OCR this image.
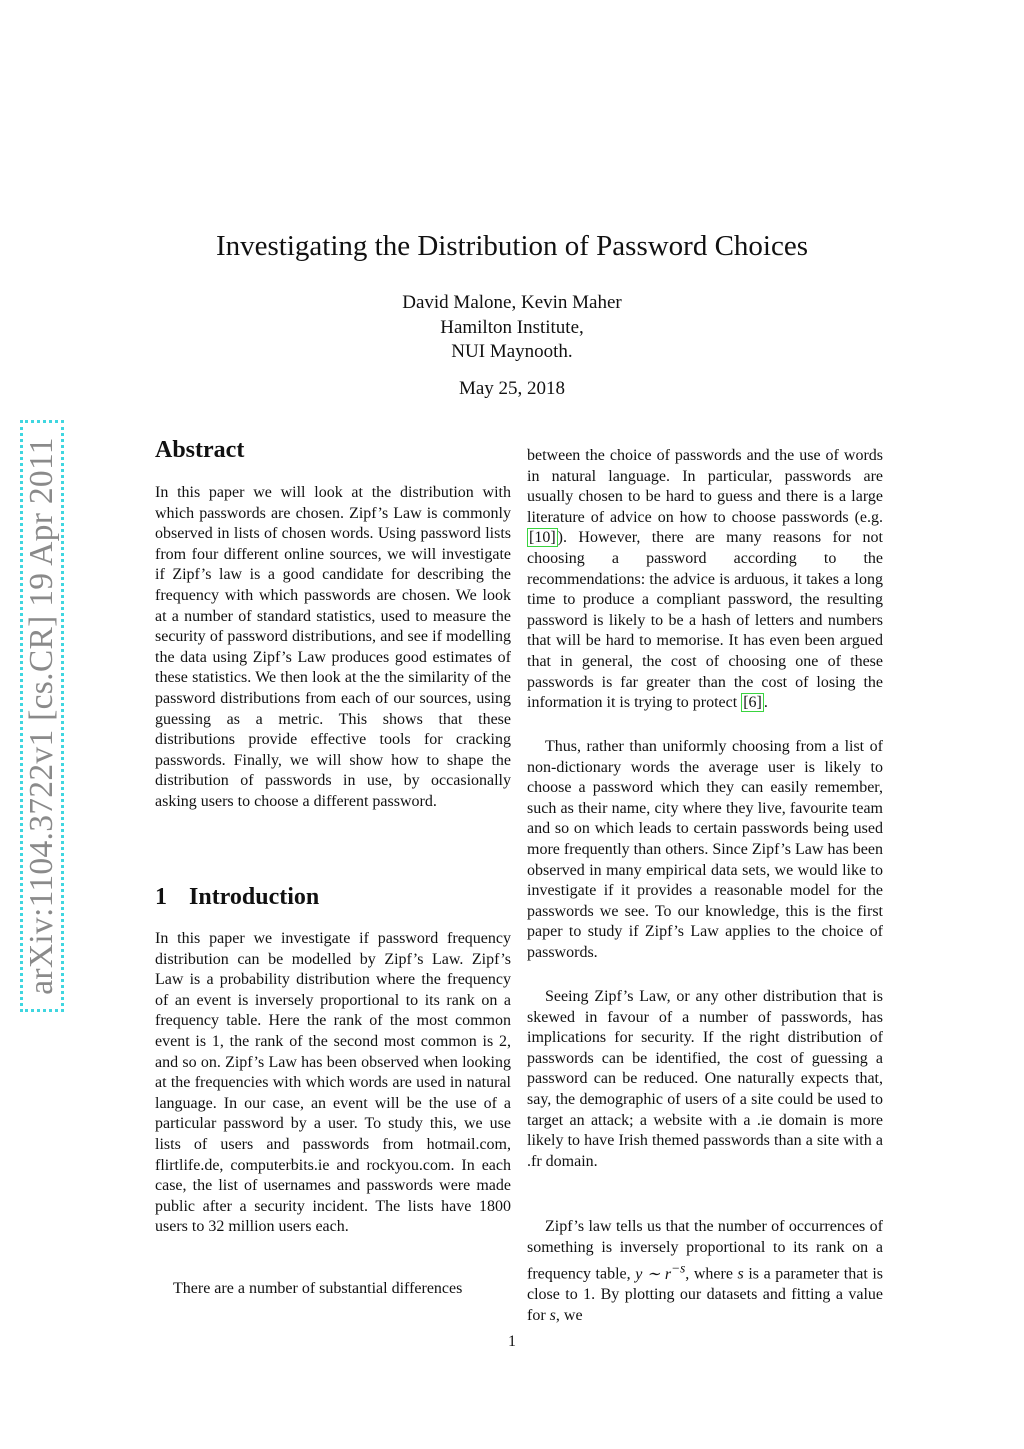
arXiv:1104.3722v1 [cs.CR] 19 Apr 2011
Investigating the Distribution of Password Choices
David Malone, Kevin Maher
Hamilton Institute,
NUI Maynooth.
May 25, 2018
Abstract

In this paper we will look at the distribution with which passwords are chosen. Zipf’s Law is commonly observed in lists of chosen words. Using password lists from four different online sources, we will investigate if Zipf’s law is a good candidate for describing the frequency with which passwords are chosen. We look at a number of standard statistics, used to measure the security of password distributions, and see if modelling the data using Zipf’s Law produces good estimates of these statistics. We then look at the the similarity of the password distributions from each of our sources, using guessing as a metric. This shows that these distributions provide effective tools for cracking passwords. Finally, we will show how to shape the distribution of passwords in use, by occasionally asking users to choose a different password.

1 Introduction

In this paper we investigate if password frequency distribution can be modelled by Zipf’s Law. Zipf’s Law is a probability distribution where the frequency of an event is inversely proportional to its rank on a frequency table. Here the rank of the most common event is 1, the rank of the second most common is 2, and so on. Zipf’s Law has been observed when looking at the frequencies with which words are used in natural language. In our case, an event will be the use of a particular password by a user. To study this, we use lists of users and passwords from hotmail.com, flirtlife.de, computerbits.ie and rockyou.com. In each case, the list of usernames and passwords were made public after a security incident. The lists have 1800 users to 32 million users each.

There are a number of substantial differences

between the choice of passwords and the use of words in natural language. In particular, passwords are usually chosen to be hard to guess and there is a large literature of advice on how to choose passwords (e.g. [10] ). However, there are many reasons for not choosing a password according to the recommendations: the advice is arduous, it takes a long time to produce a compliant password, the resulting password is likely to be a hash of letters and numbers that will be hard to memorise. It has even been argued that in general, the cost of choosing one of these passwords is far greater than the cost of losing the information it is trying to protect [6] .

Thus, rather than uniformly choosing from a list of non-dictionary words the average user is likely to choose a password which they can easily remember, such as their name, city where they live, favourite team and so on which leads to certain passwords being used more frequently than others. Since Zipf’s Law has been observed in many empirical data sets, we would like to investigate if it provides a reasonable model for the passwords we see. To our knowledge, this is the first paper to study if Zipf’s Law applies to the choice of passwords.

Seeing Zipf’s Law, or any other distribution that is skewed in favour of a number of passwords, has implications for security. If the right distribution of passwords can be identified, the cost of guessing a password can be reduced. One naturally expects that, say, the demographic of users of a site could be used to target an attack; a website with a .ie domain is more likely to have Irish themed passwords than a site with a .fr domain.

Zipf’s law tells us that the number of occurrences of something is inversely proportional to its rank on a frequency table, y ∼ $r^{-s}$, where s is a parameter that is close to 1. By plotting our datasets and fitting a value for s, we

1
